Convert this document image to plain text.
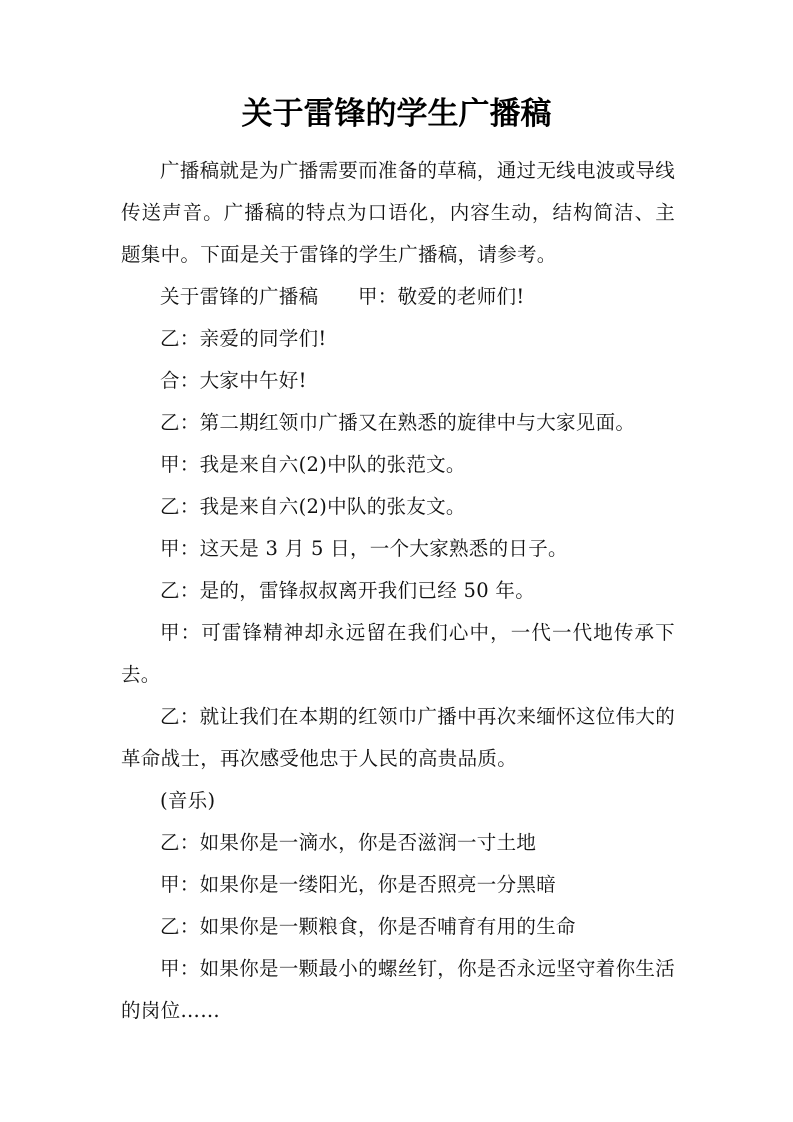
关于雷锋的学生广播稿

广播稿就是为广播需要而准备的草稿，通过无线电波或导线传送声音。广播稿的特点为口语化，内容生动，结构简洁、主题集中。下面是关于雷锋的学生广播稿，请参考。

关于雷锋的广播稿　　甲：敬爱的老师们!

乙：亲爱的同学们!

合：大家中午好!

乙：第二期红领巾广播又在熟悉的旋律中与大家见面。

甲：我是来自六(2)中队的张范文。

乙：我是来自六(2)中队的张友文。

甲：这天是 3 月 5 日，一个大家熟悉的日子。

乙：是的，雷锋叔叔离开我们已经 50 年。

甲：可雷锋精神却永远留在我们心中，一代一代地传承下去。

乙：就让我们在本期的红领巾广播中再次来缅怀这位伟大的革命战士，再次感受他忠于人民的高贵品质。

(音乐)

乙：如果你是一滴水，你是否滋润一寸土地

甲：如果你是一缕阳光，你是否照亮一分黑暗

乙：如果你是一颗粮食，你是否哺育有用的生命

甲：如果你是一颗最小的螺丝钉，你是否永远坚守着你生活的岗位……
